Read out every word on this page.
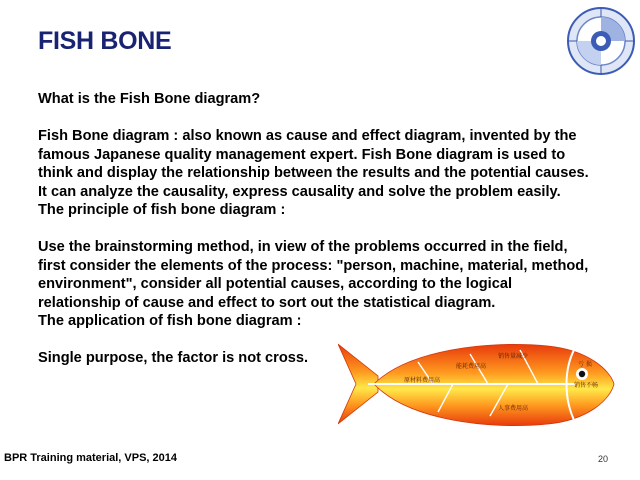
FISH BONE

What is the Fish Bone diagram?

Fish Bone diagram : also known as cause and effect diagram, invented by the famous Japanese quality management expert. Fish Bone diagram is used to think and display the relationship between the results and the potential causes. It can analyze the causality, express causality and solve the problem easily.

The principle of fish bone diagram :

Use the brainstorming method, in view of the problems occurred in the field, first consider the elements of the process: "person, machine, material, method, environment", consider all potential causes, according to the logical relationship of cause and effect to sort out the statistical diagram.

The application of fish bone diagram :

Single purpose, the factor is not cross.	销售量减少
能耗费用高
原材料费用高
人事费用高
亏 损
销售不畅
BPR Training material, VPS, 2014	20
